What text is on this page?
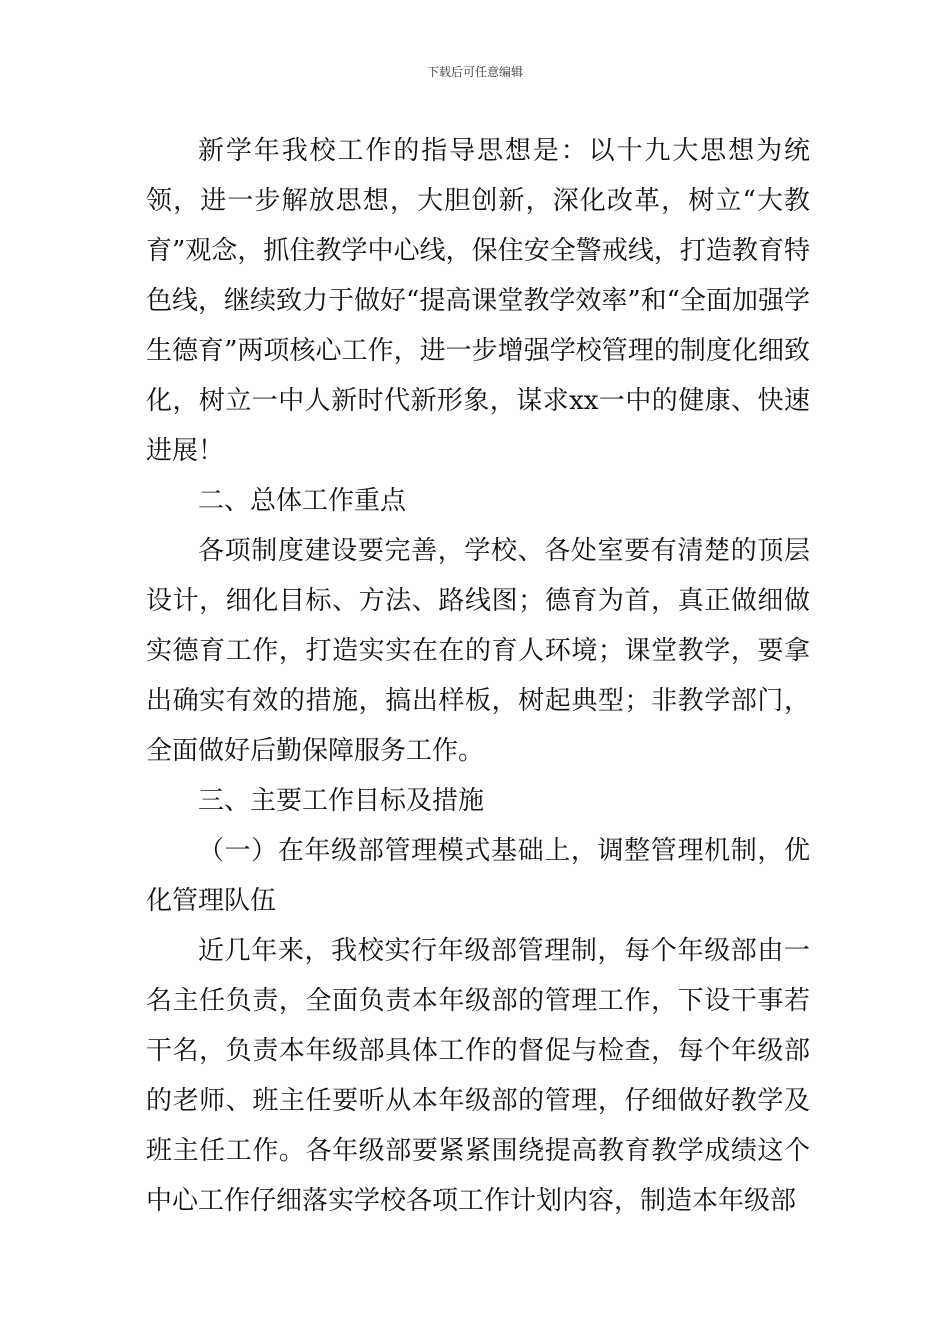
下载后可任意编辑

新学年我校工作的指导思想是：以十九大思想为统领，进一步解放思想，大胆创新，深化改革，树立“大教育”观念，抓住教学中心线，保住安全警戒线，打造教育特色线，继续致力于做好“提高课堂教学效率”和“全面加强学生德育”两项核心工作，进一步增强学校管理的制度化细致化，树立一中人新时代新形象，谋求xx一中的健康、快速进展！

二、总体工作重点

各项制度建设要完善，学校、各处室要有清楚的顶层设计，细化目标、方法、路线图；德育为首，真正做细做实德育工作，打造实实在在的育人环境；课堂教学，要拿出确实有效的措施，搞出样板，树起典型；非教学部门，全面做好后勤保障服务工作。

三、主要工作目标及措施

（一）在年级部管理模式基础上，调整管理机制，优化管理队伍

近几年来，我校实行年级部管理制，每个年级部由一名主任负责，全面负责本年级部的管理工作，下设干事若干名，负责本年级部具体工作的督促与检查，每个年级部的老师、班主任要听从本年级部的管理，仔细做好教学及班主任工作。各年级部要紧紧围绕提高教育教学成绩这个中心工作仔细落实学校各项工作计划内容，制造本年级部
